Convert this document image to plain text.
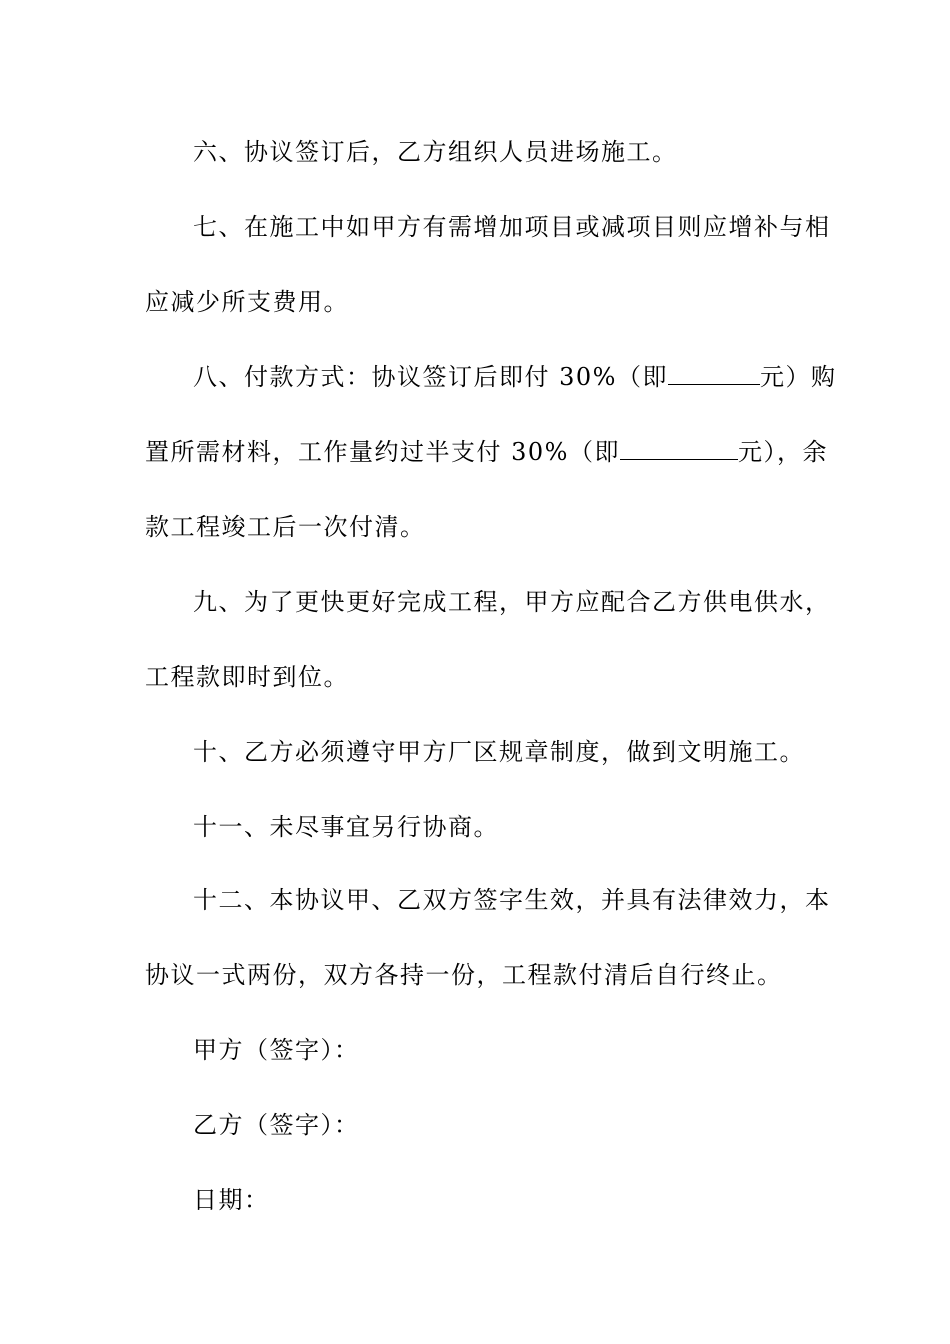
六、协议签订后，乙方组织人员进场施工。
七、在施工中如甲方有需增加项目或减项目则应增补与相
应减少所支费用。
八、付款方式：协议签订后即付 30%（即	元）购
置所需材料，工作量约过半支付 30%（即	元），余
款工程竣工后一次付清。
九、为了更快更好完成工程，甲方应配合乙方供电供水，
工程款即时到位。
十、乙方必须遵守甲方厂区规章制度，做到文明施工。
十一、未尽事宜另行协商。
十二、本协议甲、乙双方签字生效，并具有法律效力，本
协议一式两份，双方各持一份，工程款付清后自行终止。
甲方（签字）：
乙方（签字）：
日期：
